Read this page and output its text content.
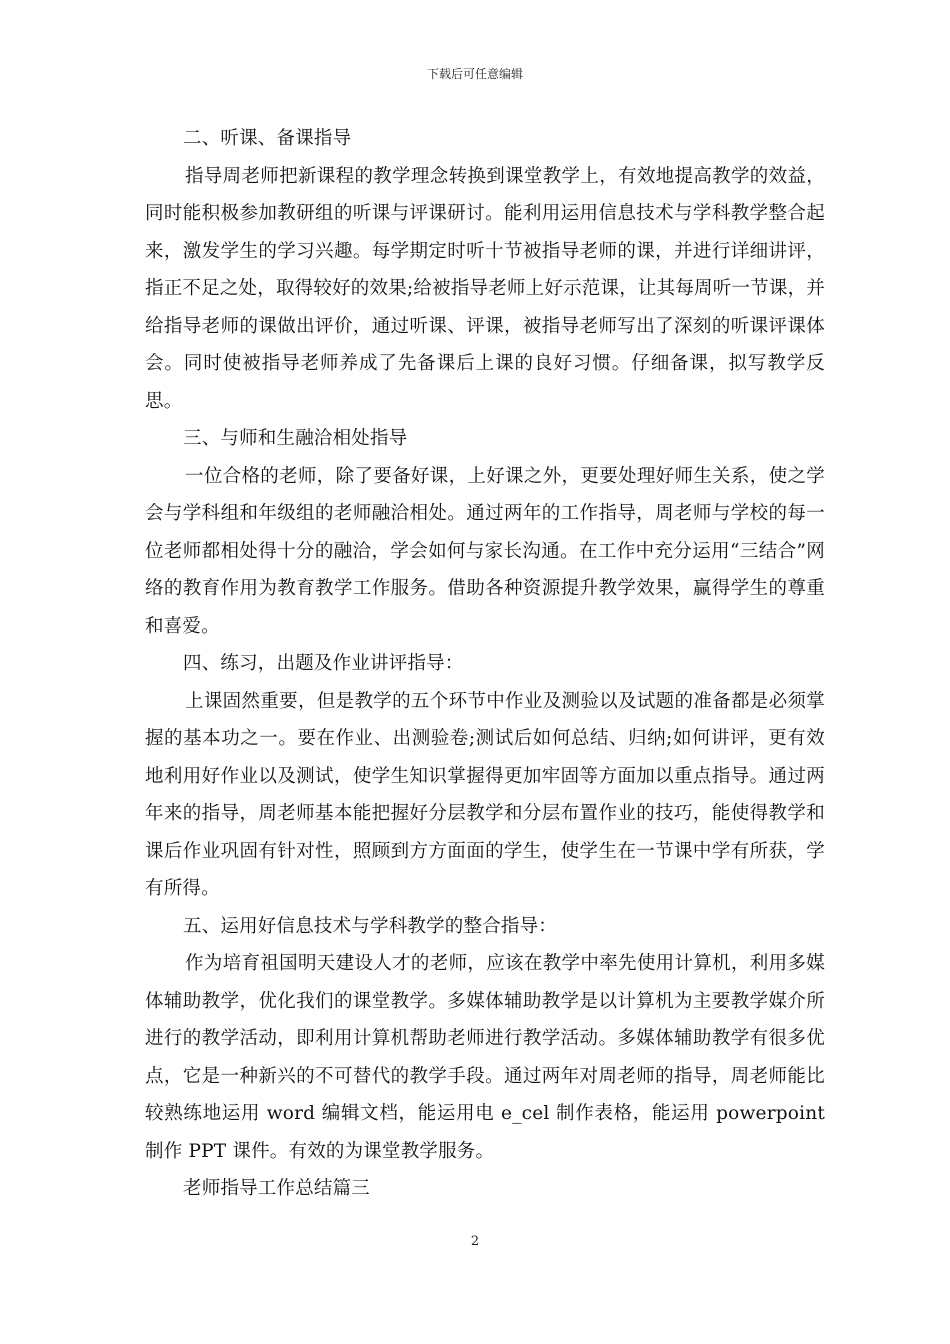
下载后可任意编辑

二、听课、备课指导

指导周老师把新课程的教学理念转换到课堂教学上，有效地提高教学的效益，同时能积极参加教研组的听课与评课研讨。能利用运用信息技术与学科教学整合起来，激发学生的学习兴趣。每学期定时听十节被指导老师的课，并进行详细讲评，指正不足之处，取得较好的效果;给被指导老师上好示范课，让其每周听一节课，并给指导老师的课做出评价，通过听课、评课，被指导老师写出了深刻的听课评课体会。同时使被指导老师养成了先备课后上课的良好习惯。仔细备课，拟写教学反思。

三、与师和生融洽相处指导

一位合格的老师，除了要备好课，上好课之外，更要处理好师生关系，使之学会与学科组和年级组的老师融洽相处。通过两年的工作指导，周老师与学校的每一位老师都相处得十分的融洽，学会如何与家长沟通。在工作中充分运用“三结合”网络的教育作用为教育教学工作服务。借助各种资源提升教学效果，赢得学生的尊重和喜爱。

四、练习，出题及作业讲评指导：

上课固然重要，但是教学的五个环节中作业及测验以及试题的准备都是必须掌握的基本功之一。要在作业、出测验卷;测试后如何总结、归纳;如何讲评，更有效地利用好作业以及测试，使学生知识掌握得更加牢固等方面加以重点指导。通过两年来的指导，周老师基本能把握好分层教学和分层布置作业的技巧，能使得教学和课后作业巩固有针对性，照顾到方方面面的学生，使学生在一节课中学有所获，学有所得。

五、运用好信息技术与学科教学的整合指导：

作为培育祖国明天建设人才的老师，应该在教学中率先使用计算机，利用多媒体辅助教学，优化我们的课堂教学。多媒体辅助教学是以计算机为主要教学媒介所进行的教学活动，即利用计算机帮助老师进行教学活动。多媒体辅助教学有很多优点，它是一种新兴的不可替代的教学手段。通过两年对周老师的指导，周老师能比较熟练地运用 word 编辑文档，能运用电 e_cel 制作表格，能运用 powerpoint 制作 PPT 课件。有效的为课堂教学服务。

老师指导工作总结篇三

2
